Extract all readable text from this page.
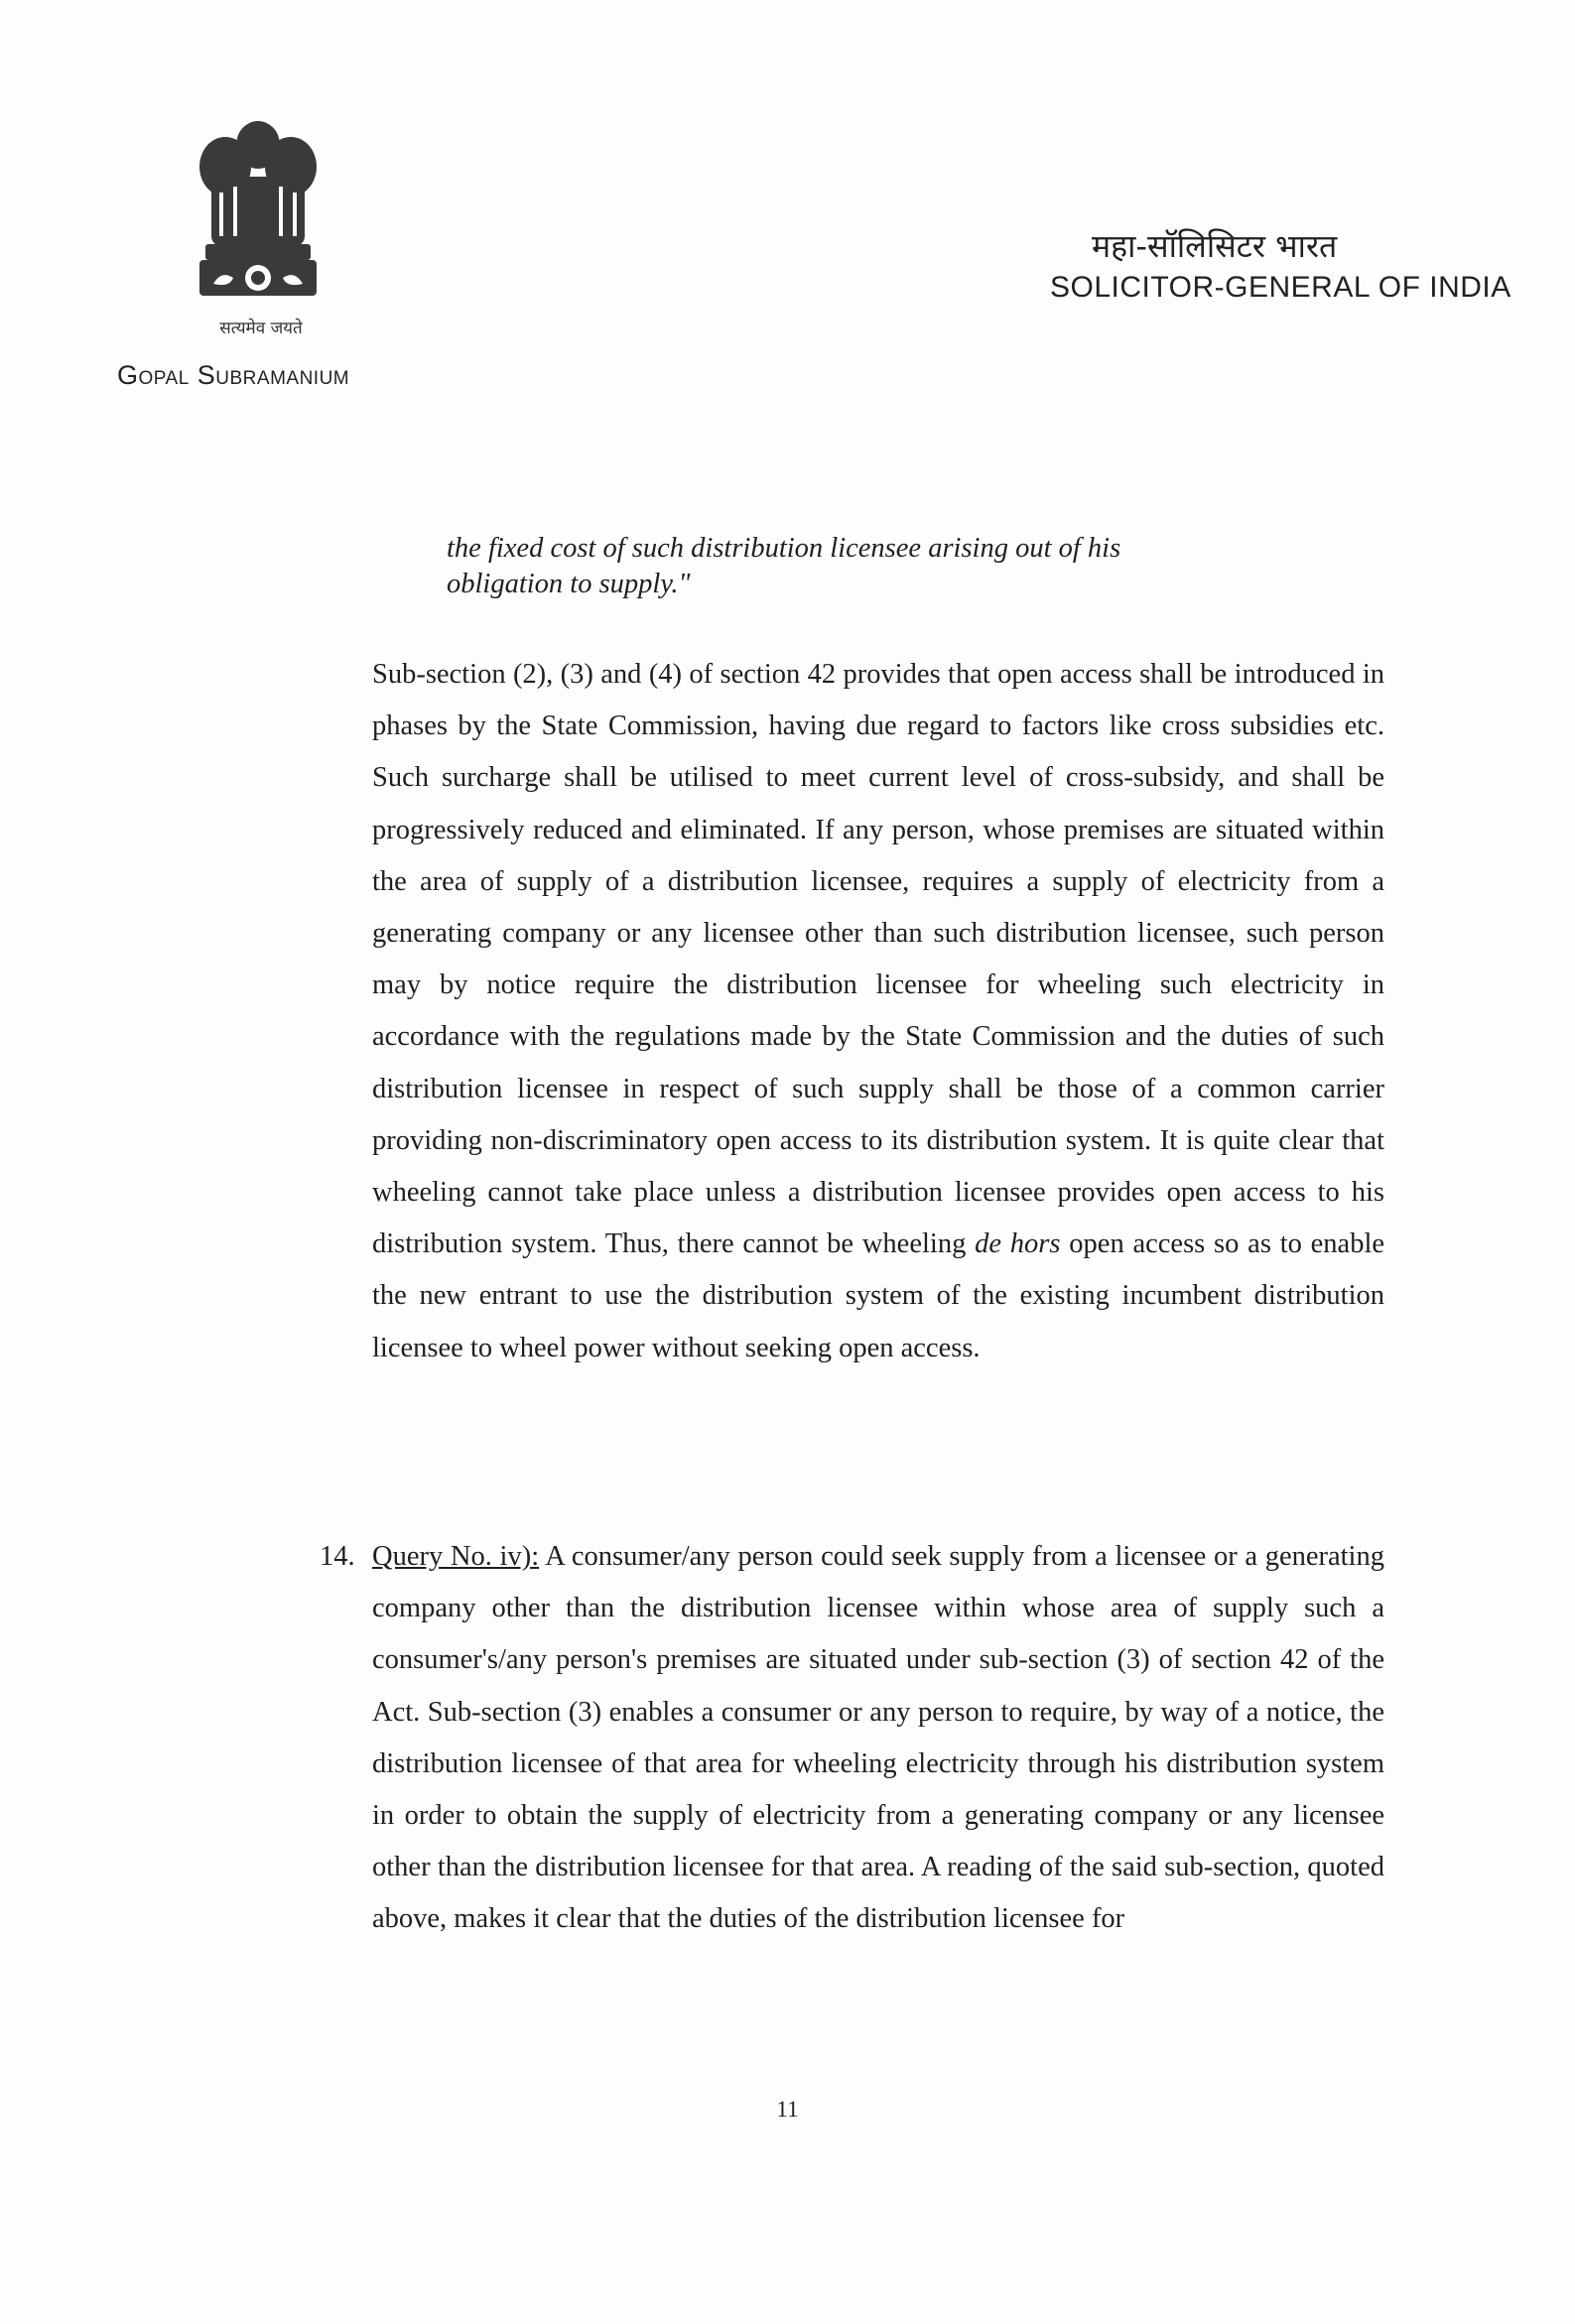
सत्यमेव जयते
Gopal Subramanium
महा-सॉलिसिटर भारत
SOLICITOR-GENERAL OF INDIA

the fixed cost of such distribution licensee arising out of his
obligation to supply."

Sub-section (2), (3) and (4) of section 42 provides that open access shall be introduced in phases by the State Commission, having due regard to factors like cross subsidies etc. Such surcharge shall be utilised to meet current level of cross-subsidy, and shall be progressively reduced and eliminated. If any person, whose premises are situated within the area of supply of a distribution licensee, requires a supply of electricity from a generating company or any licensee other than such distribution licensee, such person may by notice require the distribution licensee for wheeling such electricity in accordance with the regulations made by the State Commission and the duties of such distribution licensee in respect of such supply shall be those of a common carrier providing non-discriminatory open access to its distribution system. It is quite clear that wheeling cannot take place unless a distribution licensee provides open access to his distribution system. Thus, there cannot be wheeling de hors open access so as to enable the new entrant to use the distribution system of the existing incumbent distribution licensee to wheel power without seeking open access.

14. Query No. iv): A consumer/any person could seek supply from a licensee or a generating company other than the distribution licensee within whose area of supply such a consumer's/any person's premises are situated under sub-section (3) of section 42 of the Act. Sub-section (3) enables a consumer or any person to require, by way of a notice, the distribution licensee of that area for wheeling electricity through his distribution system in order to obtain the supply of electricity from a generating company or any licensee other than the distribution licensee for that area. A reading of the said sub-section, quoted above, makes it clear that the duties of the distribution licensee for

11
